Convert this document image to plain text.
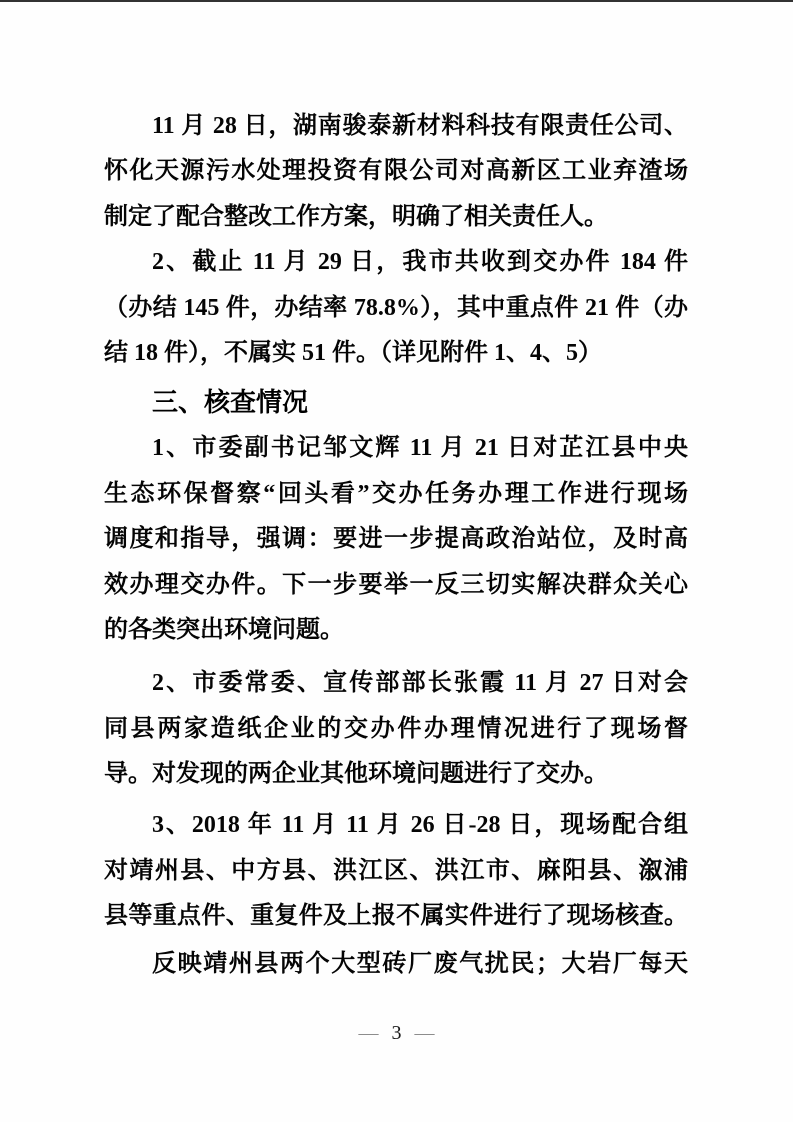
11 月 28 日，湖南骏泰新材料科技有限责任公司、
怀化天源污水处理投资有限公司对高新区工业弃渣场
制定了配合整改工作方案，明确了相关责任人。
2、截止 11 月 29 日，我市共收到交办件 184 件
（办结 145 件，办结率 78.8%），其中重点件 21 件（办
结 18 件），不属实 51 件。（详见附件 1、4、5）
三、核查情况
1、市委副书记邹文辉 11 月 21 日对芷江县中央
生态环保督察“回头看”交办任务办理工作进行现场
调度和指导，强调：要进一步提高政治站位，及时高
效办理交办件。下一步要举一反三切实解决群众关心
的各类突出环境问题。
2、市委常委、宣传部部长张霞 11 月 27 日对会
同县两家造纸企业的交办件办理情况进行了现场督
导。对发现的两企业其他环境问题进行了交办。
3、2018 年 11 月 11 月 26 日-28 日，现场配合组
对靖州县、中方县、洪江区、洪江市、麻阳县、溆浦
县等重点件、重复件及上报不属实件进行了现场核查。
反映靖州县两个大型砖厂废气扰民；大岩厂每天
— 3 —
